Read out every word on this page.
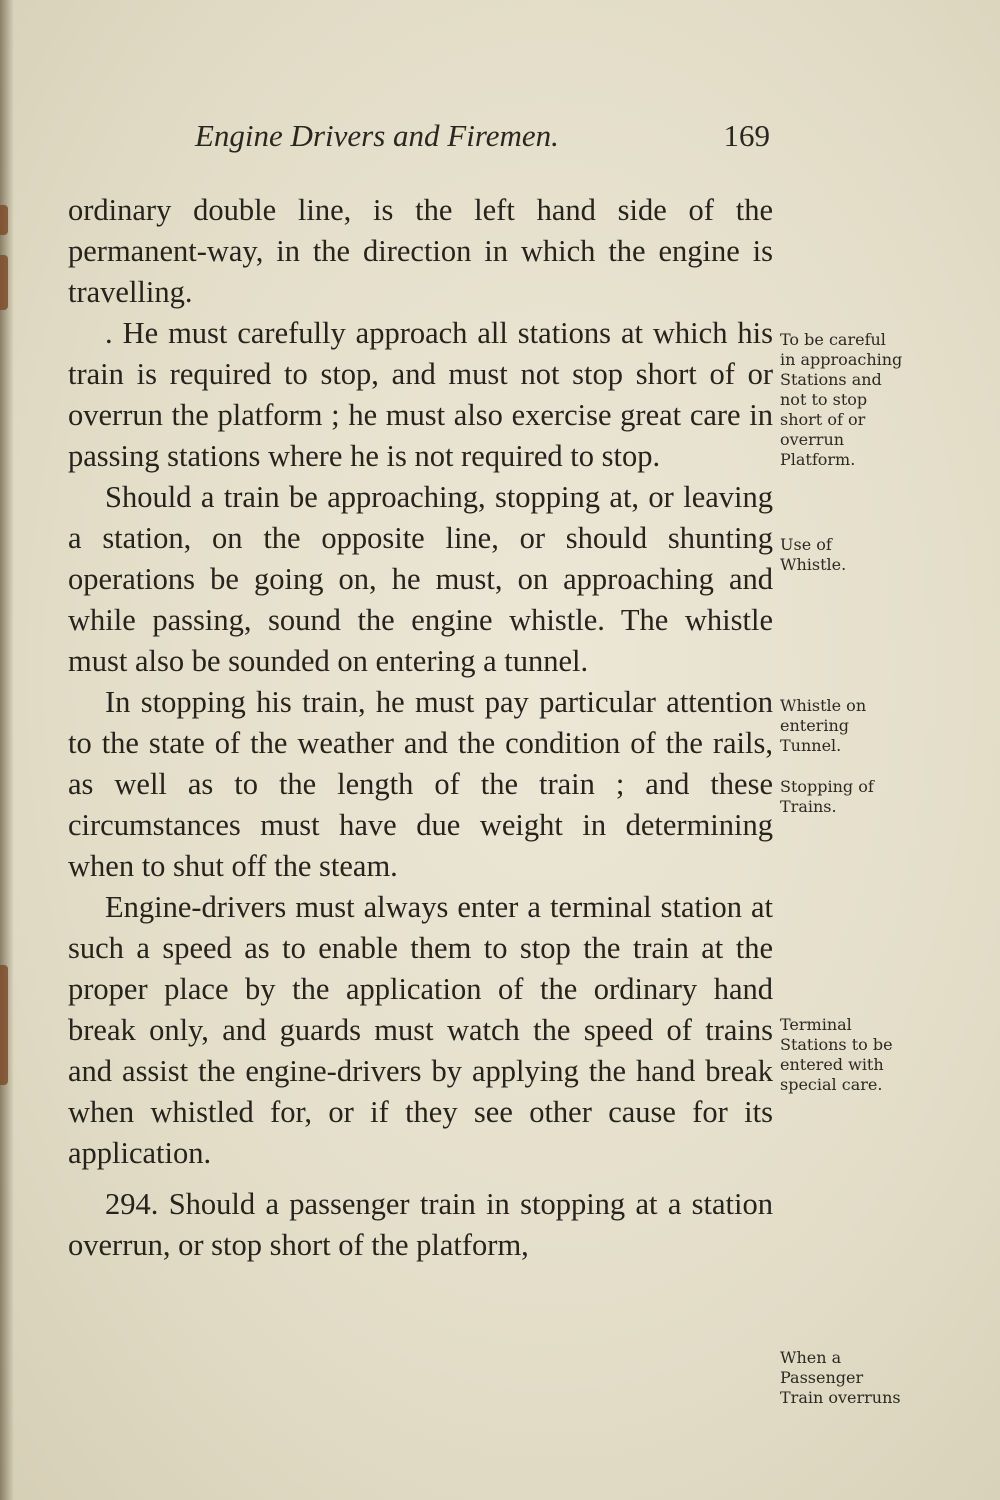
Engine Drivers and Firemen.	169

ordinary double line, is the left hand side of the permanent-way, in the direction in which the engine is travelling.

. He must carefully approach all stations at which his train is required to stop, and must not stop short of or overrun the platform ; he must also exercise great care in passing stations where he is not required to stop.

Should a train be approaching, stopping at, or leaving a station, on the opposite line, or should shunting operations be going on, he must, on approaching and while passing, sound the engine whistle. The whistle must also be sounded on entering a tunnel.

In stopping his train, he must pay particular attention to the state of the weather and the condition of the rails, as well as to the length of the train ; and these circumstances must have due weight in determining when to shut off the steam.

Engine-drivers must always enter a terminal station at such a speed as to enable them to stop the train at the proper place by the application of the ordinary hand break only, and guards must watch the speed of trains and assist the engine-drivers by applying the hand break when whistled for, or if they see other cause for its application.

294. Should a passenger train in stopping at a station overrun, or stop short of the platform,

To be careful
in approaching
Stations and
not to stop
short of or
overrun
Platform.
Use of
Whistle.
Whistle on
entering
Tunnel.
Stopping of
Trains.
Terminal
Stations to be
entered with
special care.
When a
Passenger
Train overruns
